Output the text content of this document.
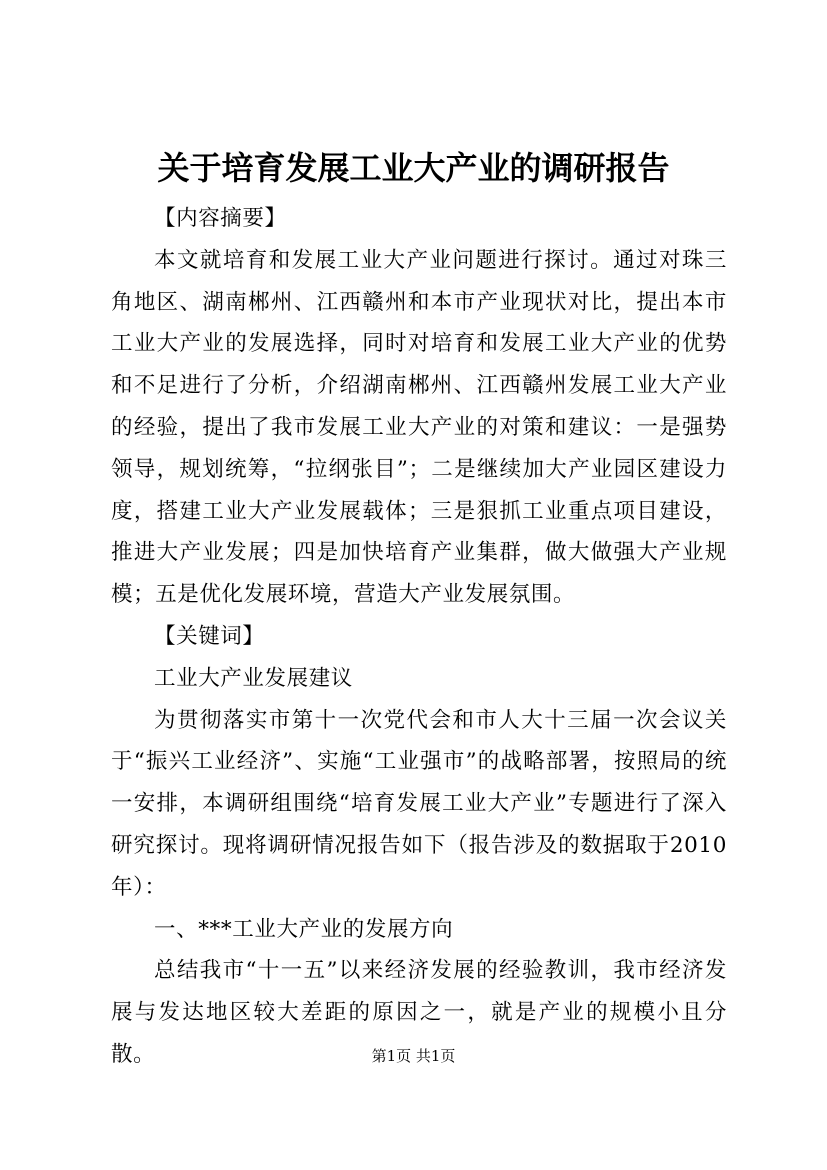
关于培育发展工业大产业的调研报告

【内容摘要】

本文就培育和发展工业大产业问题进行探讨。通过对珠三角地区、湖南郴州、江西赣州和本市产业现状对比，提出本市工业大产业的发展选择，同时对培育和发展工业大产业的优势和不足进行了分析，介绍湖南郴州、江西赣州发展工业大产业的经验，提出了我市发展工业大产业的对策和建议：一是强势领导，规划统筹，“拉纲张目”；二是继续加大产业园区建设力度，搭建工业大产业发展载体；三是狠抓工业重点项目建设，推进大产业发展；四是加快培育产业集群，做大做强大产业规模；五是优化发展环境，营造大产业发展氛围。

【关键词】

工业大产业发展建议

为贯彻落实市第十一次党代会和市人大十三届一次会议关于“振兴工业经济”、实施“工业强市”的战略部署，按照局的统一安排，本调研组围绕“培育发展工业大产业”专题进行了深入研究探讨。现将调研情况报告如下（报告涉及的数据取于2010年）：

一、***工业大产业的发展方向

总结我市“十一五”以来经济发展的经验教训，我市经济发展与发达地区较大差距的原因之一，就是产业的规模小且分散。	第1页 共1页
